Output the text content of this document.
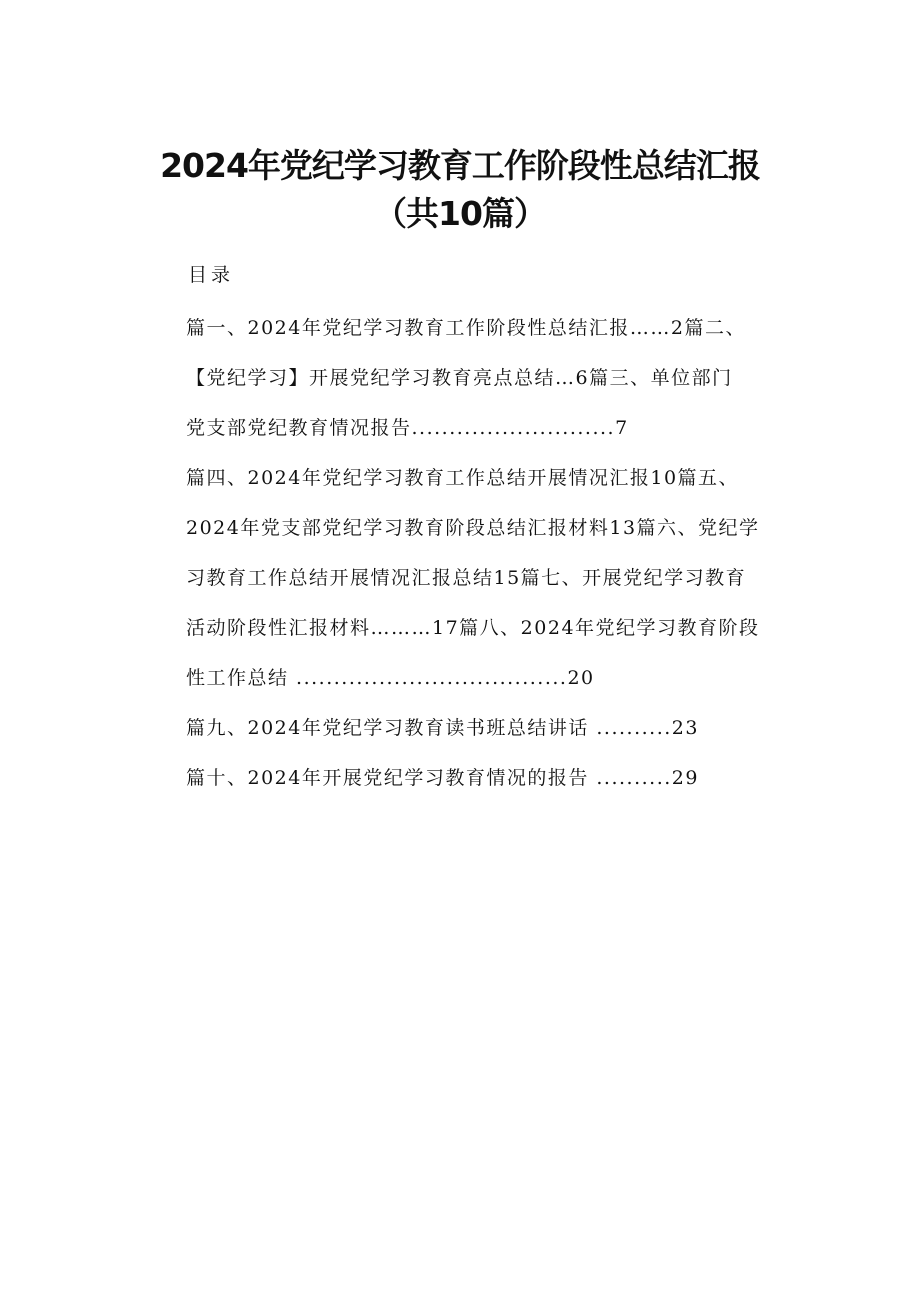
2024年党纪学习教育工作阶段性总结汇报
（共10篇）
目录
篇一、2024年党纪学习教育工作阶段性总结汇报……2篇二、
【党纪学习】开展党纪学习教育亮点总结…6篇三、单位部门
党支部党纪教育情况报告...........................7
篇四、2024年党纪学习教育工作总结开展情况汇报10篇五、
2024年党支部党纪学习教育阶段总结汇报材料13篇六、党纪学
习教育工作总结开展情况汇报总结15篇七、开展党纪学习教育
活动阶段性汇报材料………17篇八、2024年党纪学习教育阶段
性工作总结 ....................................20
篇九、2024年党纪学习教育读书班总结讲话 ..........23
篇十、2024年开展党纪学习教育情况的报告 ..........29
